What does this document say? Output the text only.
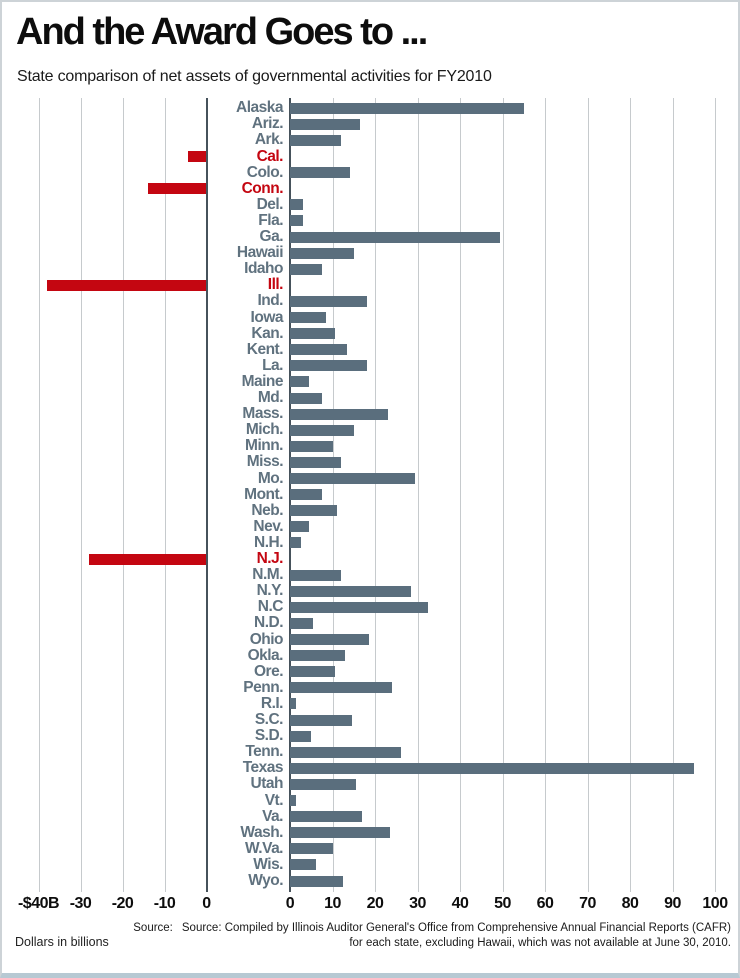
And the Award Goes to ...
State comparison of net assets of governmental activities for FY2010
Alaska
Ariz.
Ark.
Cal.
Colo.
Conn.
Del.
Fla.
Ga.
Hawaii
Idaho
Ill.
Ind.
Iowa
Kan.
Kent.
La.
Maine
Md.
Mass.
Mich.
Minn.
Miss.
Mo.
Mont.
Neb.
Nev.
N.H.
N.J.
N.M.
N.Y.
N.C
N.D.
Ohio
Okla.
Ore.
Penn.
R.I.
S.C.
S.D.
Tenn.
Texas
Utah
Vt.
Va.
Wash.
W.Va.
Wis.
Wyo.
-$40B -30 -20 -10 0	0 10 20 30 40 50 60 70 80 90 100
Dollars in billions
Source: Source: Compiled by Illinois Auditor General's Office from Comprehensive Annual Financial Reports (CAFR)
for each state, excluding Hawaii, which was not available at June 30, 2010.
